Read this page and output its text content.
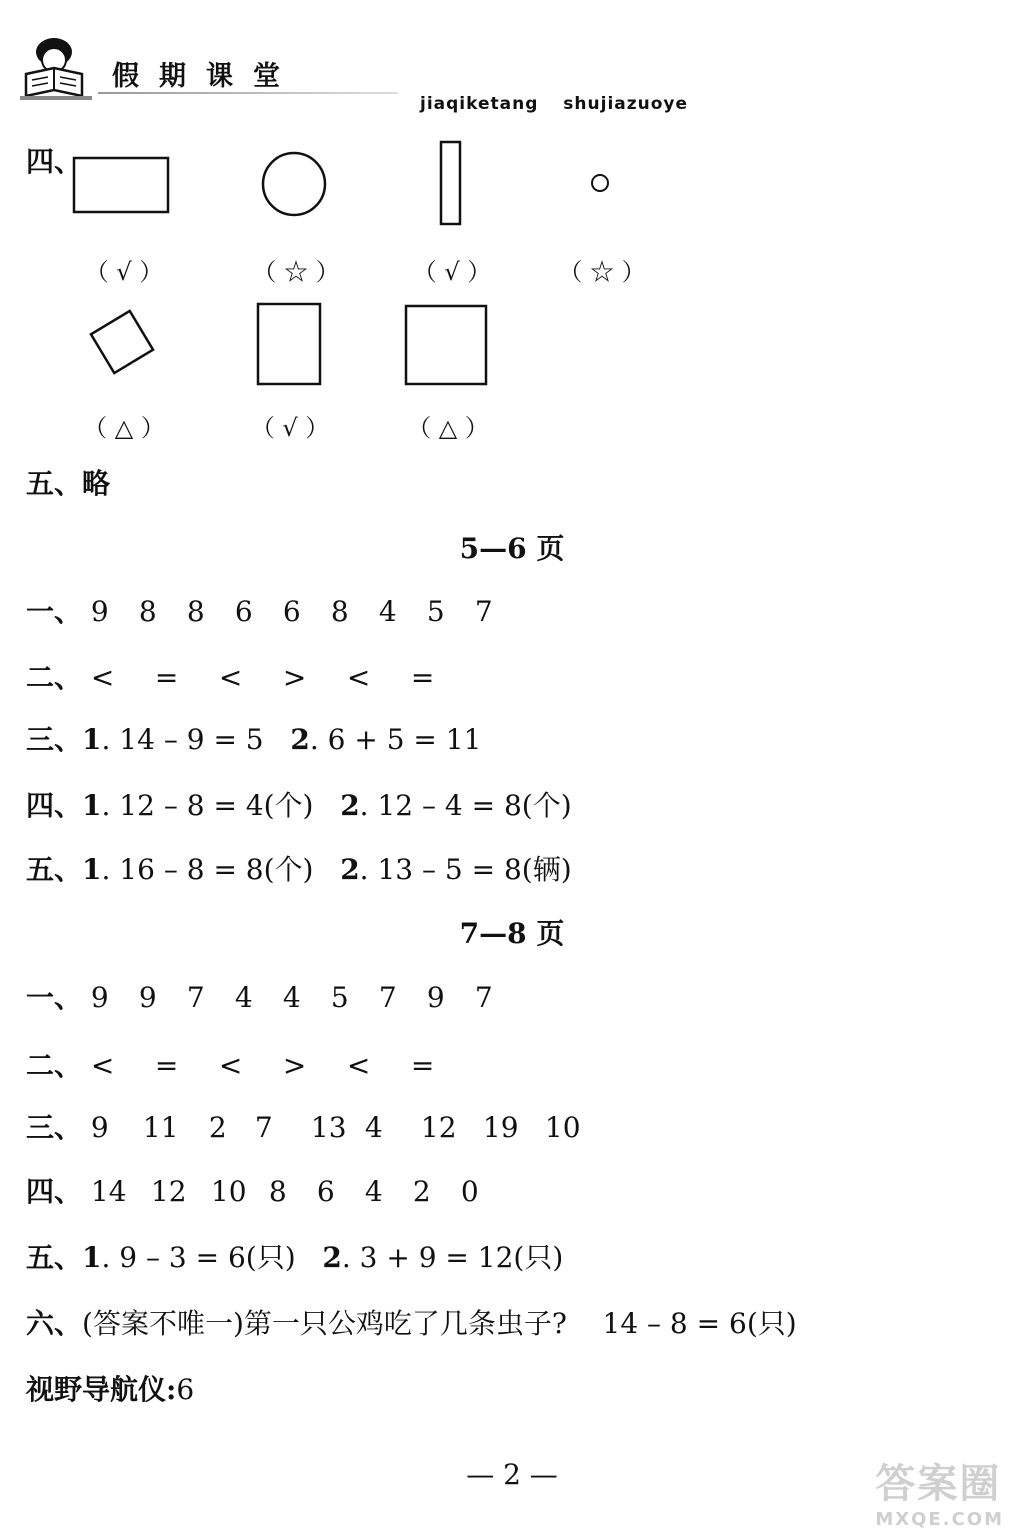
假期课堂
jiaqiketang shujiazuoye
四、
（ √ ）	（ ☆ ）	（ √ ）	（ ☆ ）
（ △ ）	（ √ ）	（ △ ）
五、略
5—6 页
一、 9 8 8 6 6 8 4 5 7
二、 < = < > < =
三、1. 14 – 9 = 5 2. 6 + 5 = 11
四、1. 12 – 8 = 4(个) 2. 12 – 4 = 8(个)
五、1. 16 – 8 = 8(个) 2. 13 – 5 = 8(辆)
7—8 页
一、 9 9 7 4 4 5 7 9 7
二、 < = < > < =
三、 9 11 2 7 13 4 12 19 10
四、 14 12 10 8 6 4 2 0
五、1. 9 – 3 = 6(只) 2. 3 + 9 = 12(只)
六、(答案不唯一)第一只公鸡吃了几条虫子? 14 – 8 = 6(只)
视野导航仪:6
— 2 —	答案圈
MXQE.COM
